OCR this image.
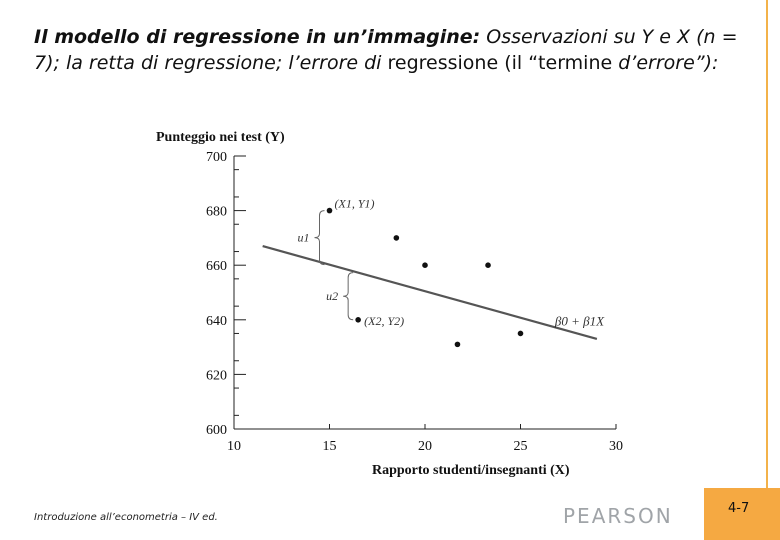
Il modello di regressione in un’immagine: Osservazioni su Y e X (n = 7); la retta di regressione; l’errore di regressione (il “termine d’errore”):
700
680
660
640
620
600
10	15	20	25	30
Punteggio nei test (Y)
Rapporto studenti/insegnanti (X)
(X1, Y1)
(X2, Y2)
u1
u2
β0 + β1X
Introduzione all’econometria – IV ed.	PEARSON	4-7
